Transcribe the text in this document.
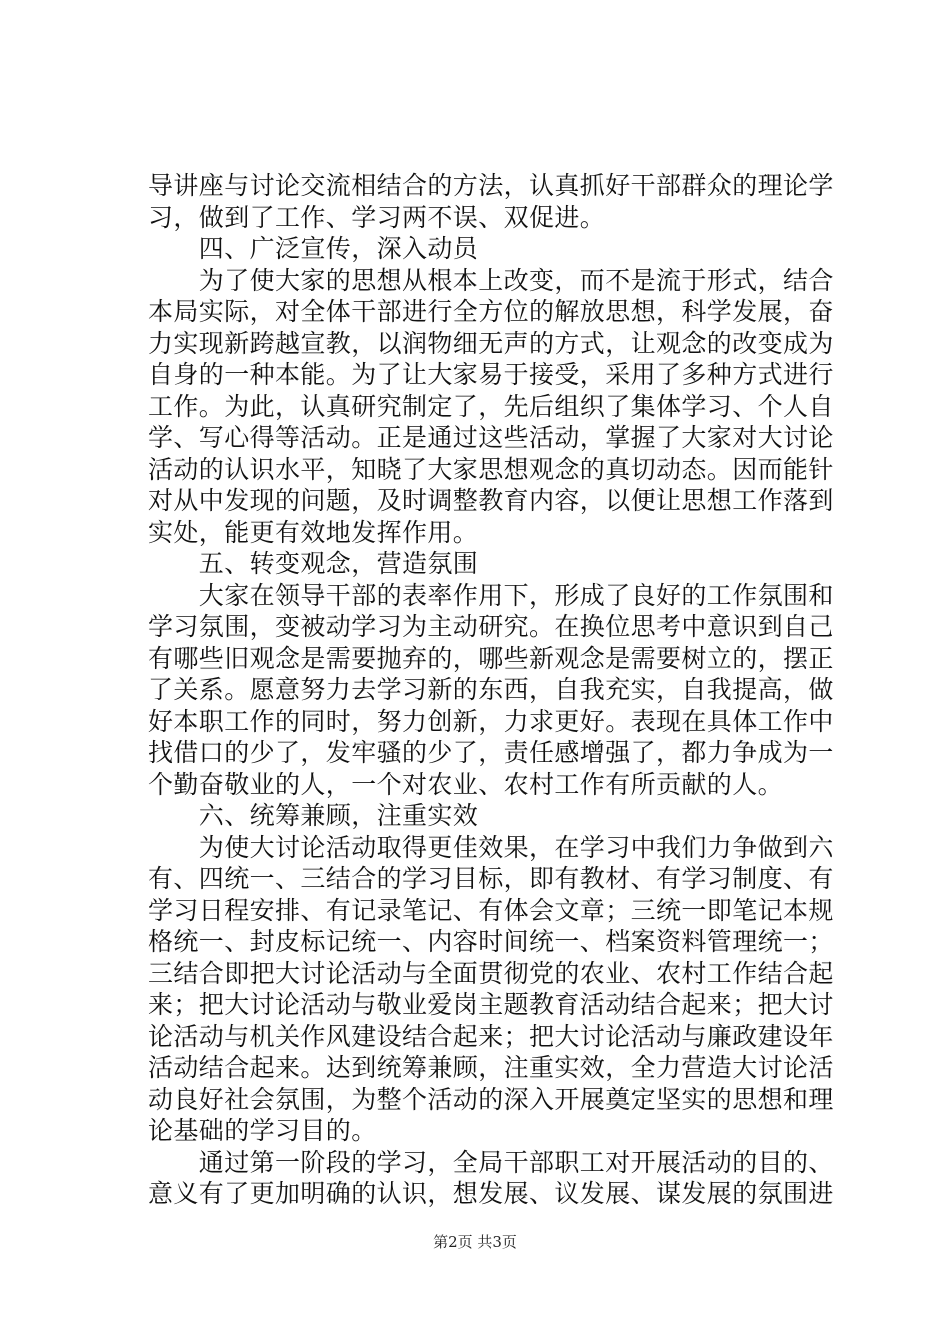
导讲座与讨论交流相结合的方法，认真抓好干部群众的理论学
习，做到了工作、学习两不误、双促进。
　　四、广泛宣传，深入动员
　　为了使大家的思想从根本上改变，而不是流于形式，结合
本局实际，对全体干部进行全方位的解放思想，科学发展，奋
力实现新跨越宣教，以润物细无声的方式，让观念的改变成为
自身的一种本能。为了让大家易于接受，采用了多种方式进行
工作。为此，认真研究制定了，先后组织了集体学习、个人自
学、写心得等活动。正是通过这些活动，掌握了大家对大讨论
活动的认识水平，知晓了大家思想观念的真切动态。因而能针
对从中发现的问题，及时调整教育内容，以便让思想工作落到
实处，能更有效地发挥作用。
　　五、转变观念，营造氛围
　　大家在领导干部的表率作用下，形成了良好的工作氛围和
学习氛围，变被动学习为主动研究。在换位思考中意识到自己
有哪些旧观念是需要抛弃的，哪些新观念是需要树立的，摆正
了关系。愿意努力去学习新的东西，自我充实，自我提高，做
好本职工作的同时，努力创新，力求更好。表现在具体工作中
找借口的少了，发牢骚的少了，责任感增强了，都力争成为一
个勤奋敬业的人，一个对农业、农村工作有所贡献的人。
　　六、统筹兼顾，注重实效
　　为使大讨论活动取得更佳效果，在学习中我们力争做到六
有、四统一、三结合的学习目标，即有教材、有学习制度、有
学习日程安排、有记录笔记、有体会文章；三统一即笔记本规
格统一、封皮标记统一、内容时间统一、档案资料管理统一；
三结合即把大讨论活动与全面贯彻党的农业、农村工作结合起
来；把大讨论活动与敬业爱岗主题教育活动结合起来；把大讨
论活动与机关作风建设结合起来；把大讨论活动与廉政建设年
活动结合起来。达到统筹兼顾，注重实效，全力营造大讨论活
动良好社会氛围，为整个活动的深入开展奠定坚实的思想和理
论基础的学习目的。
　　通过第一阶段的学习，全局干部职工对开展活动的目的、
意义有了更加明确的认识，想发展、议发展、谋发展的氛围进
第2页 共3页
